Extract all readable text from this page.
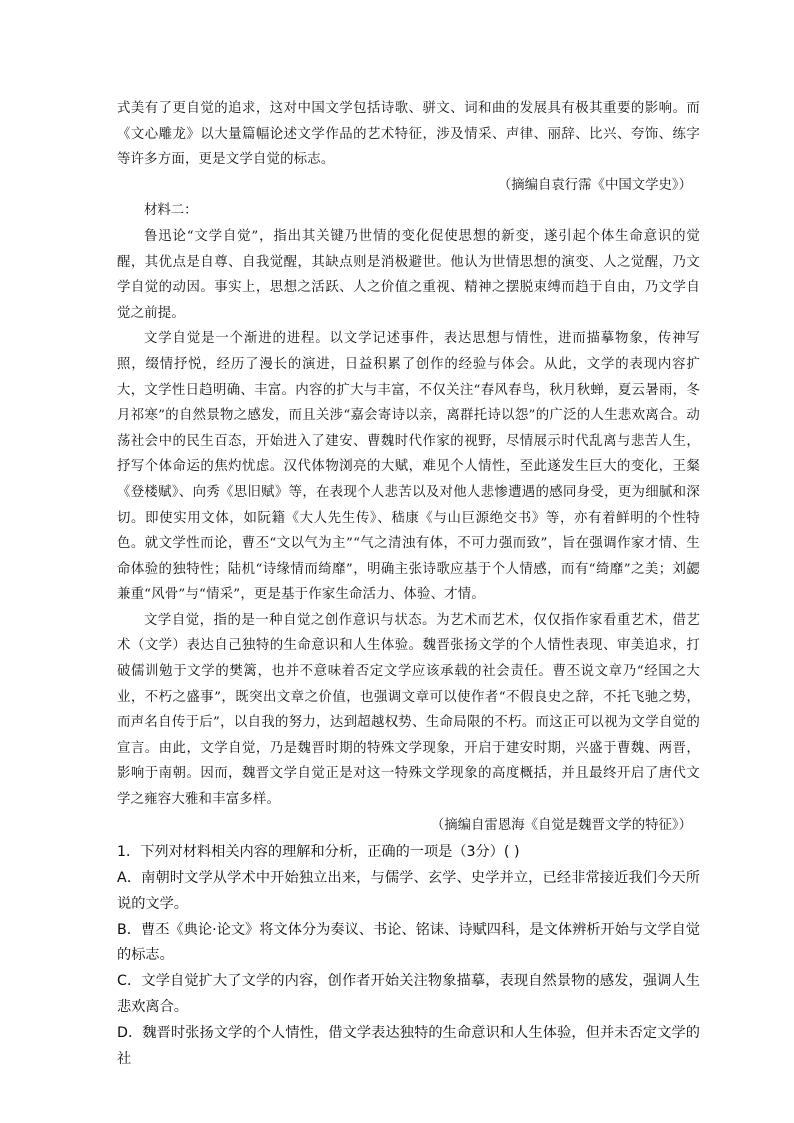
式美有了更自觉的追求，这对中国文学包括诗歌、骈文、词和曲的发展具有极其重要的影响。而《文心雕龙》以大量篇幅论述文学作品的艺术特征，涉及情采、声律、丽辞、比兴、夸饰、练字等许多方面，更是文学自觉的标志。

（摘编自袁行霈《中国文学史》）

材料二：

鲁迅论“文学自觉”，指出其关键乃世情的变化促使思想的新变，遂引起个体生命意识的觉醒，其优点是自尊、自我觉醒，其缺点则是消极避世。他认为世情思想的演变、人之觉醒，乃文学自觉的动因。事实上，思想之活跃、人之价值之重视、精神之摆脱束缚而趋于自由，乃文学自觉之前提。

文学自觉是一个渐进的进程。以文学记述事件，表达思想与情性，进而描摹物象，传神写照，缀情抒悦，经历了漫长的演进，日益积累了创作的经验与体会。从此，文学的表现内容扩大，文学性日趋明确、丰富。内容的扩大与丰富，不仅关注“春风春鸟，秋月秋蝉，夏云暑雨，冬月祁寒”的自然景物之感发，而且关涉“嘉会寄诗以亲，离群托诗以怨”的广泛的人生悲欢离合。动荡社会中的民生百态，开始进入了建安、曹魏时代作家的视野，尽情展示时代乱离与悲苦人生，抒写个体命运的焦灼忧虑。汉代体物浏亮的大赋，难见个人情性，至此遂发生巨大的变化，王粲《登楼赋》、向秀《思旧赋》等，在表现个人悲苦以及对他人悲惨遭遇的感同身受，更为细腻和深切。即使实用文体，如阮籍《大人先生传》、嵇康《与山巨源绝交书》等，亦有着鲜明的个性特色。就文学性而论，曹丕“文以气为主”“气之清浊有体，不可力强而致”，旨在强调作家才情、生命体验的独特性；陆机“诗缘情而绮靡”，明确主张诗歌应基于个人情感，而有“绮靡”之美；刘勰兼重“风骨”与“情采”，更是基于作家生命活力、体验、才情。

文学自觉，指的是一种自觉之创作意识与状态。为艺术而艺术，仅仅指作家看重艺术，借艺术（文学）表达自己独特的生命意识和人生体验。魏晋张扬文学的个人情性表现、审美追求，打破儒训勉于文学的樊篱，也并不意味着否定文学应该承载的社会责任。曹丕说文章乃“经国之大业，不朽之盛事”，既突出文章之价值，也强调文章可以使作者“不假良史之辞，不托飞驰之势，而声名自传于后”，以自我的努力，达到超越权势、生命局限的不朽。而这正可以视为文学自觉的宣言。由此，文学自觉，乃是魏晋时期的特殊文学现象，开启于建安时期，兴盛于曹魏、两晋，影响于南朝。因而，魏晋文学自觉正是对这一特殊文学现象的高度概括，并且最终开启了唐代文学之雍容大雅和丰富多样。

（摘编自雷恩海《自觉是魏晋文学的特征》）

1．下列对材料相关内容的理解和分析，正确的一项是（3分）( )

A．南朝时文学从学术中开始独立出来，与儒学、玄学、史学并立，已经非常接近我们今天所说的文学。

B．曹丕《典论·论文》将文体分为奏议、书论、铭诔、诗赋四科，是文体辨析开始与文学自觉的标志。

C．文学自觉扩大了文学的内容，创作者开始关注物象描摹，表现自然景物的感发，强调人生悲欢离合。

D．魏晋时张扬文学的个人情性，借文学表达独特的生命意识和人生体验，但并未否定文学的社
